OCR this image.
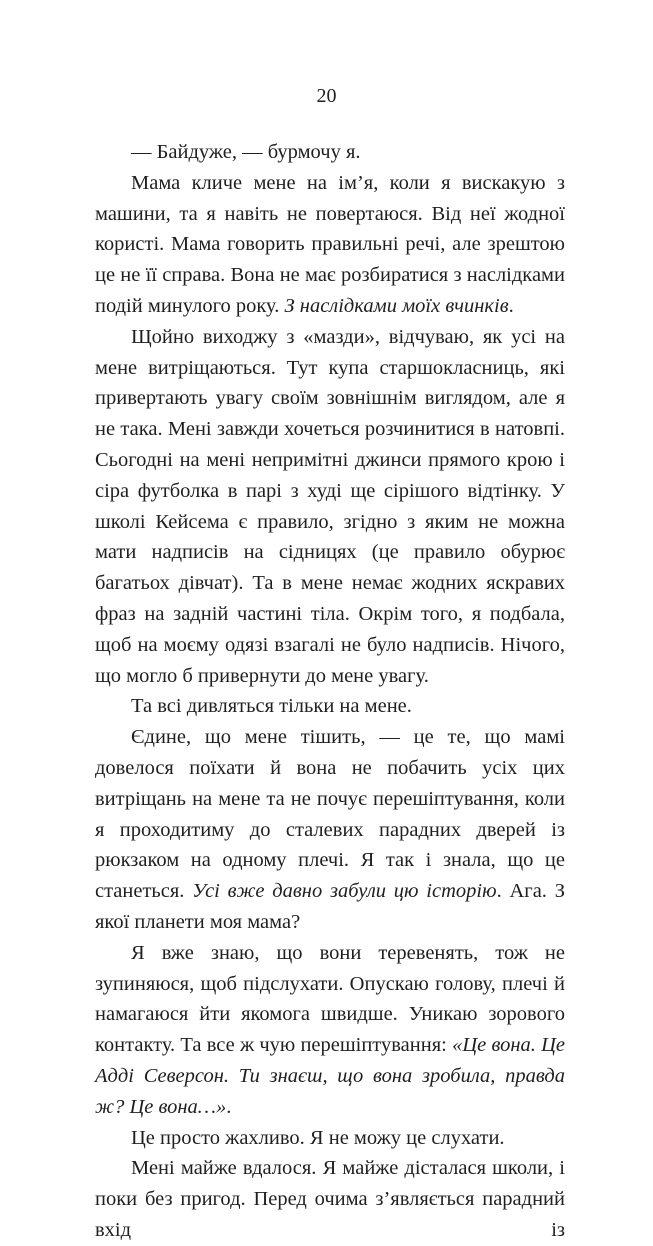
20

— Байдуже, — бурмочу я.

Мама кличе мене на ім’я, коли я вискакую з машини, та я навіть не повертаюся. Від неї жодної користі. Мама говорить правильні речі, але зрештою це не її справа. Вона не має розбиратися з наслідками подій минулого року. З наслідками моїх вчинків.

Щойно виходжу з «мазди», відчуваю, як усі на мене витріщаються. Тут купа старшокласниць, які привертають увагу своїм зовнішнім виглядом, але я не така. Мені завжди хочеться розчинитися в натовпі. Сьогодні на мені непримітні джинси прямого крою і сіра футболка в парі з худі ще сірішого відтінку. У школі Кейсема є правило, згідно з яким не можна мати надписів на сідницях (це правило обурює багатьох дівчат). Та в мене немає жодних яскравих фраз на задній частині тіла. Окрім того, я подбала, щоб на моєму одязі взагалі не було надписів. Нічого, що могло б привернути до мене увагу.

Та всі дивляться тільки на мене.

Єдине, що мене тішить, — це те, що мамі довелося поїхати й вона не побачить усіх цих витріщань на мене та не почує перешіптування, коли я проходитиму до сталевих парадних дверей із рюкзаком на одному плечі. Я так і знала, що це станеться. Усі вже давно забули цю історію. Ага. З якої планети моя мама?

Я вже знаю, що вони теревенять, тож не зупиняюся, щоб підслухати. Опускаю голову, плечі й намагаюся йти якомога швидше. Уникаю зорового контакту. Та все ж чую перешіптування: «Це вона. Це Адді Северсон. Ти знаєш, що вона зробила, правда ж? Це вона…».

Це просто жахливо. Я не можу це слухати.

Мені майже вдалося. Я майже дісталася школи, і поки без пригод. Перед очима з’являється парадний вхід із
